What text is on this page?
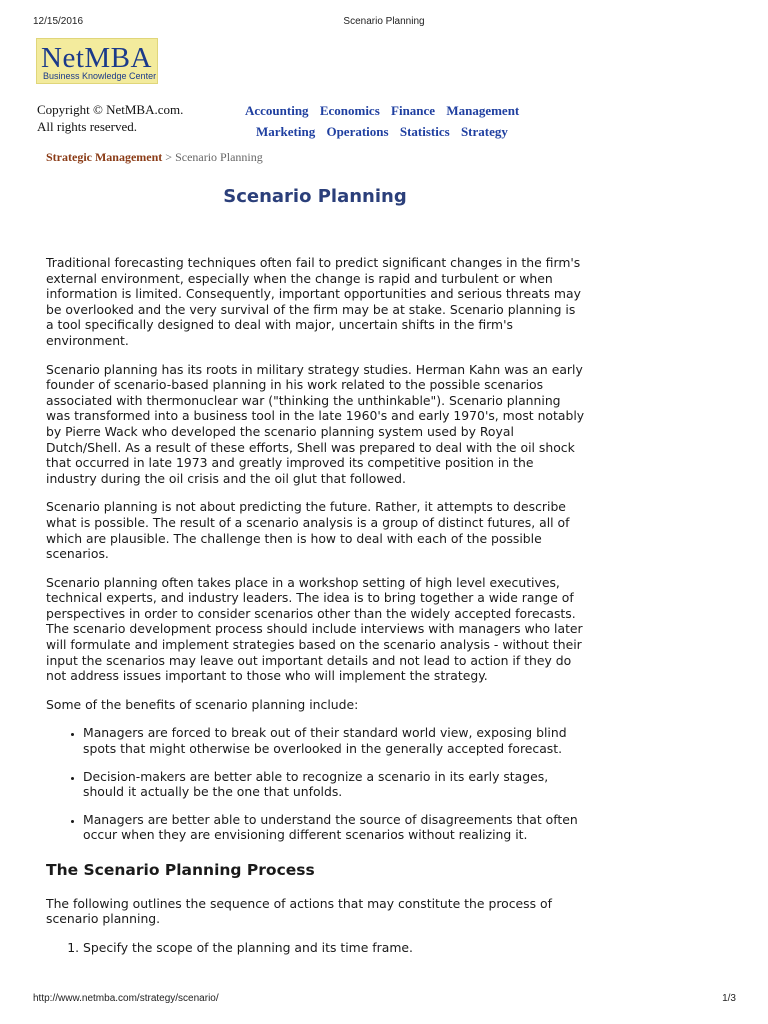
12/15/2016	Scenario Planning
NetMBA
Business Knowledge Center
Copyright © NetMBA.com.
All rights reserved.
Accounting Economics Finance Management
Marketing Operations Statistics Strategy
Strategic Management > Scenario Planning
Scenario Planning

Traditional forecasting techniques often fail to predict significant changes in the firm's external environment, especially when the change is rapid and turbulent or when information is limited. Consequently, important opportunities and serious threats may be overlooked and the very survival of the firm may be at stake. Scenario planning is a tool specifically designed to deal with major, uncertain shifts in the firm's environment.

Scenario planning has its roots in military strategy studies. Herman Kahn was an early founder of scenario-based planning in his work related to the possible scenarios associated with thermonuclear war ("thinking the unthinkable"). Scenario planning was transformed into a business tool in the late 1960's and early 1970's, most notably by Pierre Wack who developed the scenario planning system used by Royal Dutch/Shell. As a result of these efforts, Shell was prepared to deal with the oil shock that occurred in late 1973 and greatly improved its competitive position in the industry during the oil crisis and the oil glut that followed.

Scenario planning is not about predicting the future. Rather, it attempts to describe what is possible. The result of a scenario analysis is a group of distinct futures, all of which are plausible. The challenge then is how to deal with each of the possible scenarios.

Scenario planning often takes place in a workshop setting of high level executives, technical experts, and industry leaders. The idea is to bring together a wide range of perspectives in order to consider scenarios other than the widely accepted forecasts. The scenario development process should include interviews with managers who later will formulate and implement strategies based on the scenario analysis - without their input the scenarios may leave out important details and not lead to action if they do not address issues important to those who will implement the strategy.

Some of the benefits of scenario planning include:

• Managers are forced to break out of their standard world view, exposing blind spots that might otherwise be overlooked in the generally accepted forecast.
• Decision-makers are better able to recognize a scenario in its early stages, should it actually be the one that unfolds.
• Managers are better able to understand the source of disagreements that often occur when they are envisioning different scenarios without realizing it.
The Scenario Planning Process

The following outlines the sequence of actions that may constitute the process of scenario planning.

1. Specify the scope of the planning and its time frame.
http://www.netmba.com/strategy/scenario/	1/3
